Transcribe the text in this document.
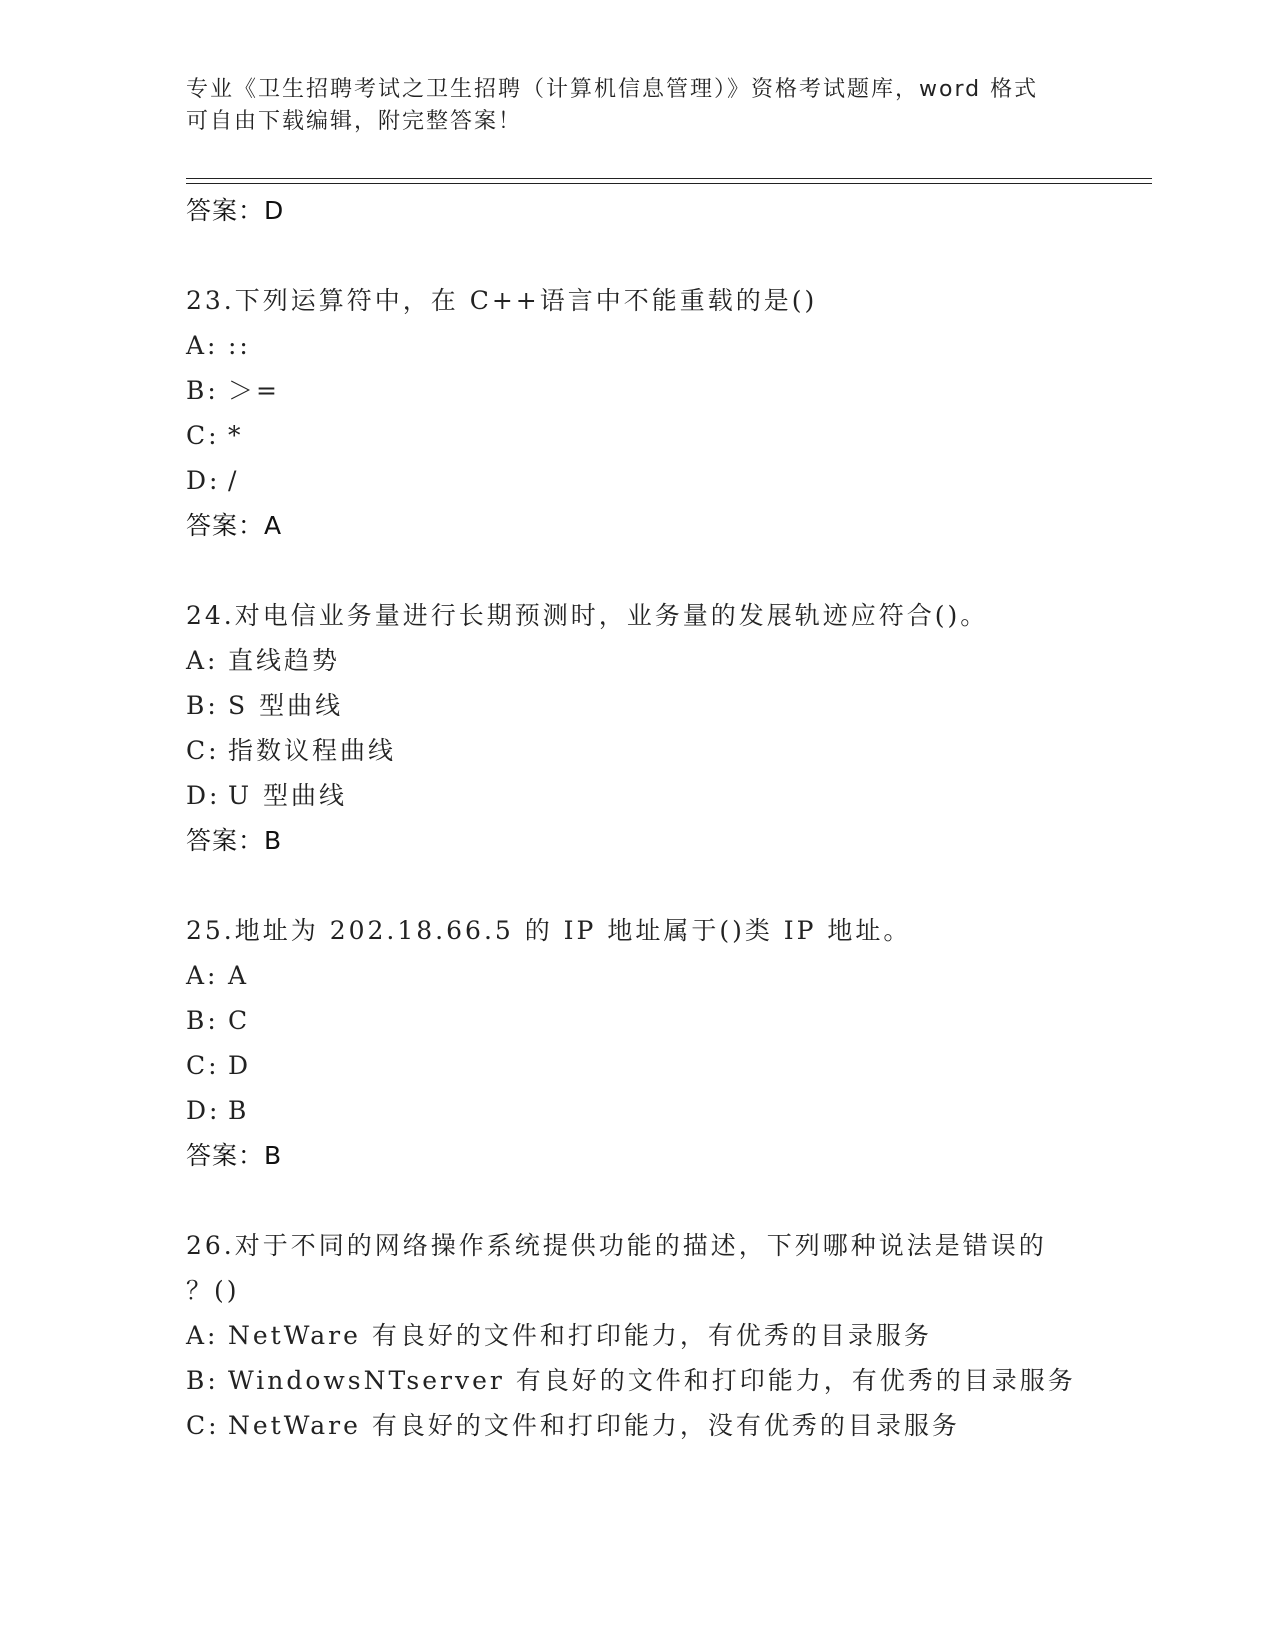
专业《卫生招聘考试之卫生招聘（计算机信息管理）》资格考试题库，word 格式
可自由下载编辑，附完整答案！
答案：D
23.下列运算符中，在 C++语言中不能重载的是()
A: ::
B: ＞=
C: *
D: /
答案：A
24.对电信业务量进行长期预测时，业务量的发展轨迹应符合()。
A: 直线趋势
B: S 型曲线
C: 指数议程曲线
D: U 型曲线
答案：B
25.地址为 202.18.66.5 的 IP 地址属于()类 IP 地址。
A: A
B: C
C: D
D: B
答案：B
26.对于不同的网络操作系统提供功能的描述，下列哪种说法是错误的
？()
A: NetWare 有良好的文件和打印能力，有优秀的目录服务
B: WindowsNTserver 有良好的文件和打印能力，有优秀的目录服务
C: NetWare 有良好的文件和打印能力，没有优秀的目录服务
